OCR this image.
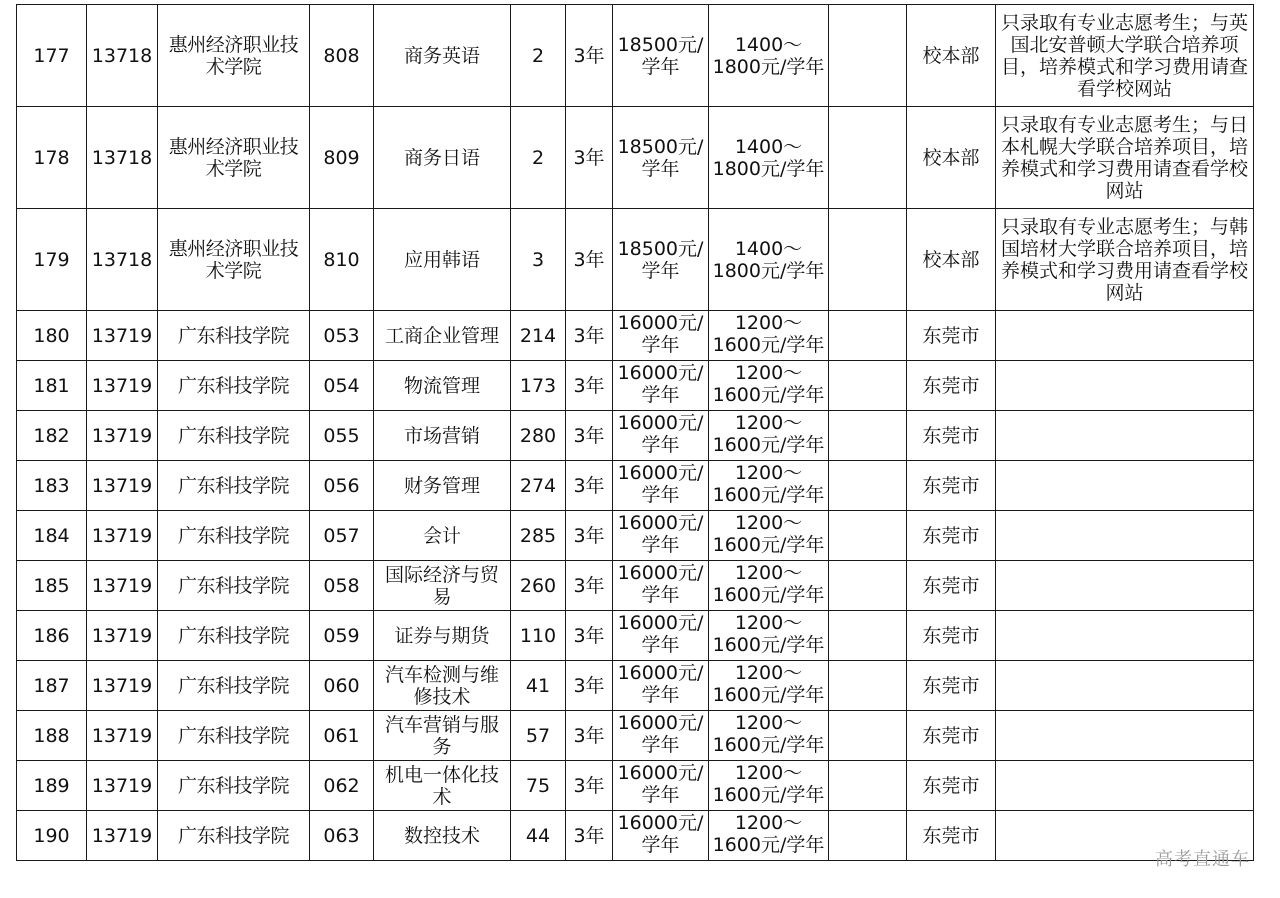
177	13718	惠州经济职业技术学院	808	商务英语	2	3年	18500元/学年	1400～1800元/学年		校本部	只录取有专业志愿考生；与英国北安普顿大学联合培养项目，培养模式和学习费用请查看学校网站
178	13718	惠州经济职业技术学院	809	商务日语	2	3年	18500元/学年	1400～1800元/学年		校本部	只录取有专业志愿考生；与日本札幌大学联合培养项目，培养模式和学习费用请查看学校网站
179	13718	惠州经济职业技术学院	810	应用韩语	3	3年	18500元/学年	1400～1800元/学年		校本部	只录取有专业志愿考生；与韩国培材大学联合培养项目，培养模式和学习费用请查看学校网站
180	13719	广东科技学院	053	工商企业管理	214	3年	16000元/学年	1200～1600元/学年		东莞市	
181	13719	广东科技学院	054	物流管理	173	3年	16000元/学年	1200～1600元/学年		东莞市	
182	13719	广东科技学院	055	市场营销	280	3年	16000元/学年	1200～1600元/学年		东莞市	
183	13719	广东科技学院	056	财务管理	274	3年	16000元/学年	1200～1600元/学年		东莞市	
184	13719	广东科技学院	057	会计	285	3年	16000元/学年	1200～1600元/学年		东莞市	
185	13719	广东科技学院	058	国际经济与贸易	260	3年	16000元/学年	1200～1600元/学年		东莞市	
186	13719	广东科技学院	059	证券与期货	110	3年	16000元/学年	1200～1600元/学年		东莞市	
187	13719	广东科技学院	060	汽车检测与维修技术	41	3年	16000元/学年	1200～1600元/学年		东莞市	
188	13719	广东科技学院	061	汽车营销与服务	57	3年	16000元/学年	1200～1600元/学年		东莞市	
189	13719	广东科技学院	062	机电一体化技术	75	3年	16000元/学年	1200～1600元/学年		东莞市	
190	13719	广东科技学院	063	数控技术	44	3年	16000元/学年	1200～1600元/学年		东莞市	
高考直通车
